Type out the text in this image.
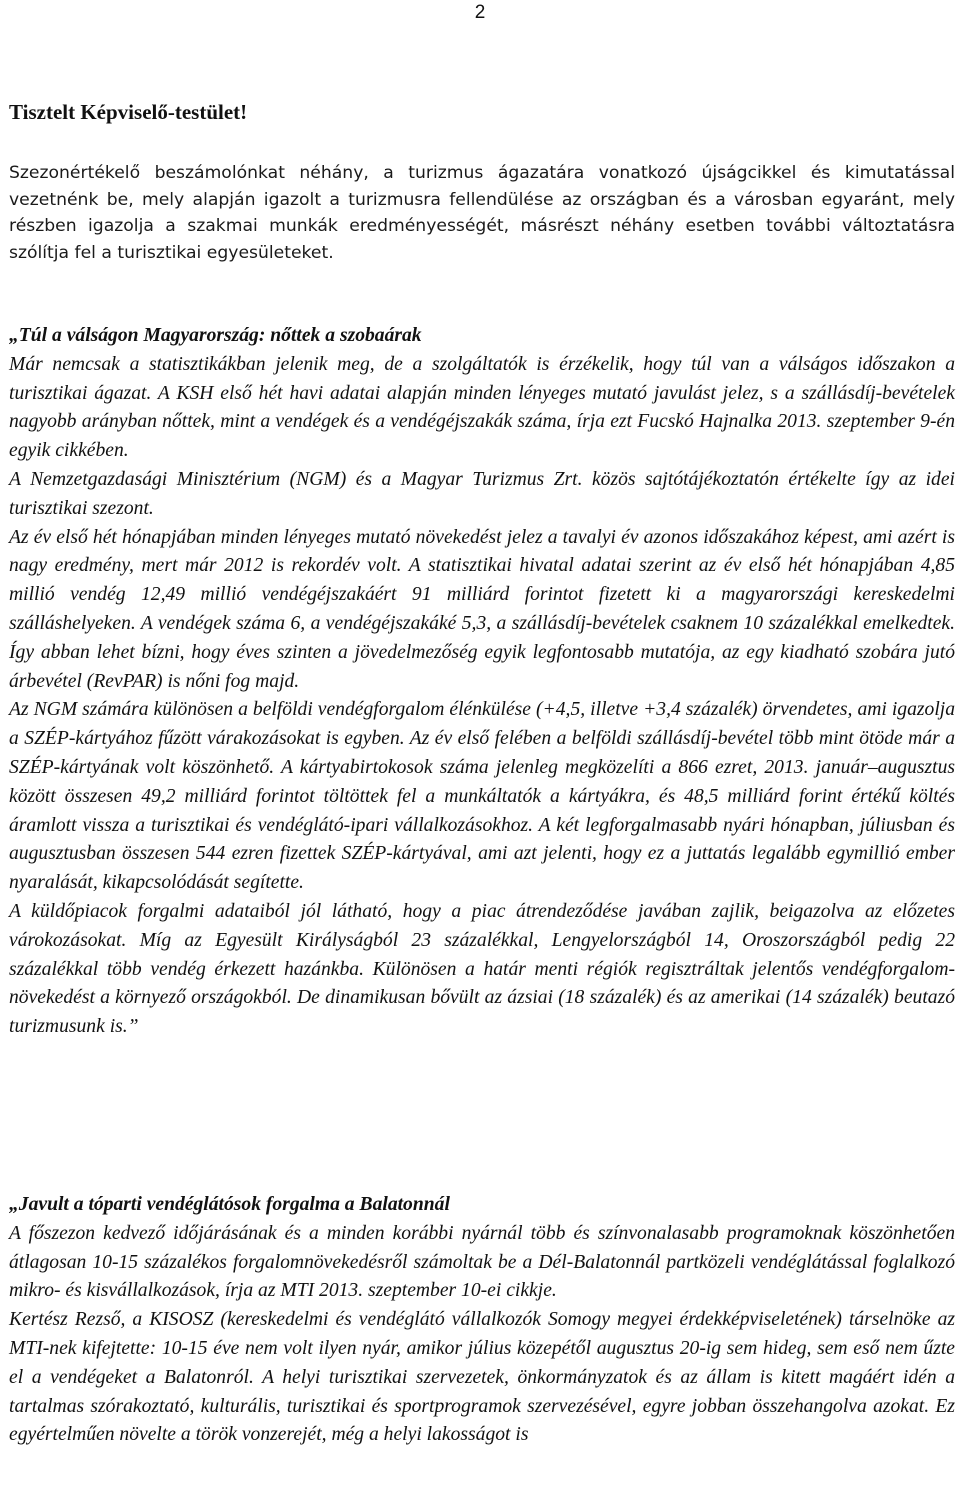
2
Tisztelt Képviselő-testület!
Szezonértékelő beszámolónkat néhány, a turizmus ágazatára vonatkozó újságcikkel és kimutatással vezetnénk be, mely alapján igazolt a turizmusra fellendülése az országban és a városban egyaránt, mely részben igazolja a szakmai munkák eredményességét, másrészt néhány esetben további változtatásra szólítja fel a turisztikai egyesületeket.

„Túl a válságon Magyarország: nőttek a szobaárak

Már nemcsak a statisztikákban jelenik meg, de a szolgáltatók is érzékelik, hogy túl van a válságos időszakon a turisztikai ágazat. A KSH első hét havi adatai alapján minden lényeges mutató javulást jelez, s a szállásdíj-bevételek nagyobb arányban nőttek, mint a vendégek és a vendégéjszakák száma, írja ezt Fucskó Hajnalka 2013. szeptember 9-én egyik cikkében.

A Nemzetgazdasági Minisztérium (NGM) és a Magyar Turizmus Zrt. közös sajtótájékoztatón értékelte így az idei turisztikai szezont.

Az év első hét hónapjában minden lényeges mutató növekedést jelez a tavalyi év azonos időszakához képest, ami azért is nagy eredmény, mert már 2012 is rekordév volt. A statisztikai hivatal adatai szerint az év első hét hónapjában 4,85 millió vendég 12,49 millió vendégéjszakáért 91 milliárd forintot fizetett ki a magyarországi kereskedelmi szálláshelyeken. A vendégek száma 6, a vendégéjszakáké 5,3, a szállásdíj-bevételek csaknem 10 százalékkal emelkedtek. Így abban lehet bízni, hogy éves szinten a jövedelmezőség egyik legfontosabb mutatója, az egy kiadható szobára jutó árbevétel (RevPAR) is nőni fog majd.

Az NGM számára különösen a belföldi vendégforgalom élénkülése (+4,5, illetve +3,4 százalék) örvendetes, ami igazolja a SZÉP-kártyához fűzött várakozásokat is egyben. Az év első felében a belföldi szállásdíj-bevétel több mint ötöde már a SZÉP-kártyának volt köszönhető. A kártyabirtokosok száma jelenleg megközelíti a 866 ezret, 2013. január–augusztus között összesen 49,2 milliárd forintot töltöttek fel a munkáltatók a kártyákra, és 48,5 milliárd forint értékű költés áramlott vissza a turisztikai és vendéglátó-ipari vállalkozásokhoz. A két legforgalmasabb nyári hónapban, júliusban és augusztusban összesen 544 ezren fizettek SZÉP-kártyával, ami azt jelenti, hogy ez a juttatás legalább egymillió ember nyaralását, kikapcsolódását segítette.

A küldőpiacok forgalmi adataiból jól látható, hogy a piac átrendeződése javában zajlik, beigazolva az előzetes várokozásokat. Míg az Egyesült Királyságból 23 százalékkal, Lengyelországból 14, Oroszországból pedig 22 százalékkal több vendég érkezett hazánkba. Különösen a határ menti régiók regisztráltak jelentős vendégforgalom-növekedést a környező országokból. De dinamikusan bővült az ázsiai (18 százalék) és az amerikai (14 százalék) beutazó turizmusunk is.”

„Javult a tóparti vendéglátósok forgalma a Balatonnál

A főszezon kedvező időjárásának és a minden korábbi nyárnál több és színvonalasabb programoknak köszönhetően átlagosan 10-15 százalékos forgalomnövekedésről számoltak be a Dél-Balatonnál partközeli vendéglátással foglalkozó mikro- és kisvállalkozások, írja az MTI 2013. szeptember 10-ei cikkje.

Kertész Rezső, a KISOSZ (kereskedelmi és vendéglátó vállalkozók Somogy megyei érdekképviseletének) társelnöke az MTI-nek kifejtette: 10-15 éve nem volt ilyen nyár, amikor július közepétől augusztus 20-ig sem hideg, sem eső nem űzte el a vendégeket a Balatonról. A helyi turisztikai szervezetek, önkormányzatok és az állam is kitett magáért idén a tartalmas szórakoztató, kulturális, turisztikai és sportprogramok szervezésével, egyre jobban összehangolva azokat. Ez egyértelműen növelte a török vonzerejét, még a helyi lakosságot is
